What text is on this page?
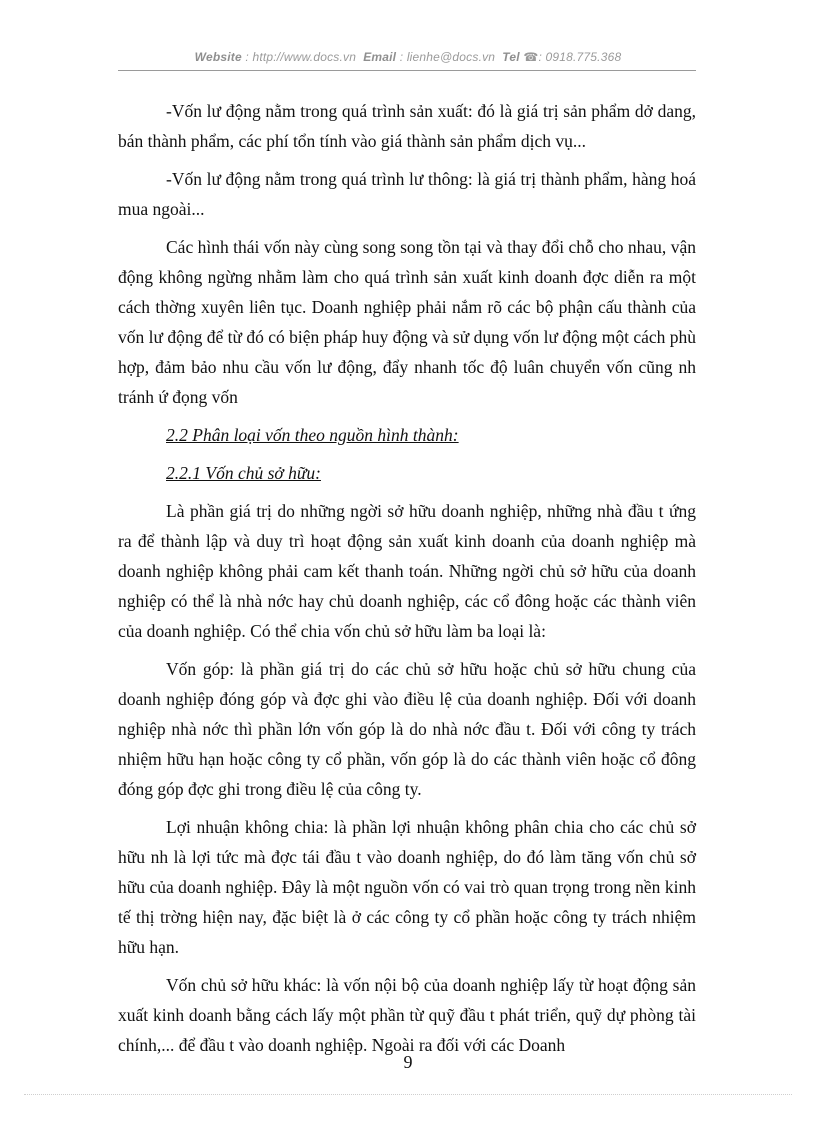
Website : http://www.docs.vn Email : lienhe@docs.vn Tel ☎: 0918.775.368

-Vốn lư động nằm trong quá trình sản xuất: đó là giá trị sản phẩm dở dang, bán thành phẩm, các phí tổn tính vào giá thành sản phẩm dịch vụ...

-Vốn lư động nằm trong quá trình lư thông: là giá trị thành phẩm, hàng hoá mua ngoài...

Các hình thái vốn này cùng song song tồn tại và thay đổi chỗ cho nhau, vận động không ngừng nhằm làm cho quá trình sản xuất kinh doanh đợc diễn ra một cách thờng xuyên liên tục. Doanh nghiệp phải nắm rõ các bộ phận cấu thành của vốn lư động để từ đó có biện pháp huy động và sử dụng vốn lư động một cách phù hợp, đảm bảo nhu cầu vốn lư động, đẩy nhanh tốc độ luân chuyển vốn cũng nh tránh ứ đọng vốn

2.2 Phân loại vốn theo nguồn hình thành:

2.2.1 Vốn chủ sở hữu:

Là phần giá trị do những ngời sở hữu doanh nghiệp, những nhà đầu t ứng ra để thành lập và duy trì hoạt động sản xuất kinh doanh của doanh nghiệp mà doanh nghiệp không phải cam kết thanh toán. Những ngời chủ sở hữu của doanh nghiệp có thể là nhà nớc hay chủ doanh nghiệp, các cổ đông hoặc các thành viên của doanh nghiệp. Có thể chia vốn chủ sở hữu làm ba loại là:

Vốn góp: là phần giá trị do các chủ sở hữu hoặc chủ sở hữu chung của doanh nghiệp đóng góp và đợc ghi vào điều lệ của doanh nghiệp. Đối với doanh nghiệp nhà nớc thì phần lớn vốn góp là do nhà nớc đầu t. Đối với công ty trách nhiệm hữu hạn hoặc công ty cổ phần, vốn góp là do các thành viên hoặc cổ đông đóng góp đợc ghi trong điều lệ của công ty.

Lợi nhuận không chia: là phần lợi nhuận không phân chia cho các chủ sở hữu nh là lợi tức mà đợc tái đầu t vào doanh nghiệp, do đó làm tăng vốn chủ sở hữu của doanh nghiệp. Đây là một nguồn vốn có vai trò quan trọng trong nền kinh tế thị trờng hiện nay, đặc biệt là ở các công ty cổ phần hoặc công ty trách nhiệm hữu hạn.

Vốn chủ sở hữu khác: là vốn nội bộ của doanh nghiệp lấy từ hoạt động sản xuất kinh doanh bằng cách lấy một phần từ quỹ đầu t phát triển, quỹ dự phòng tài chính,... để đầu t vào doanh nghiệp. Ngoài ra đối với các Doanh

9
